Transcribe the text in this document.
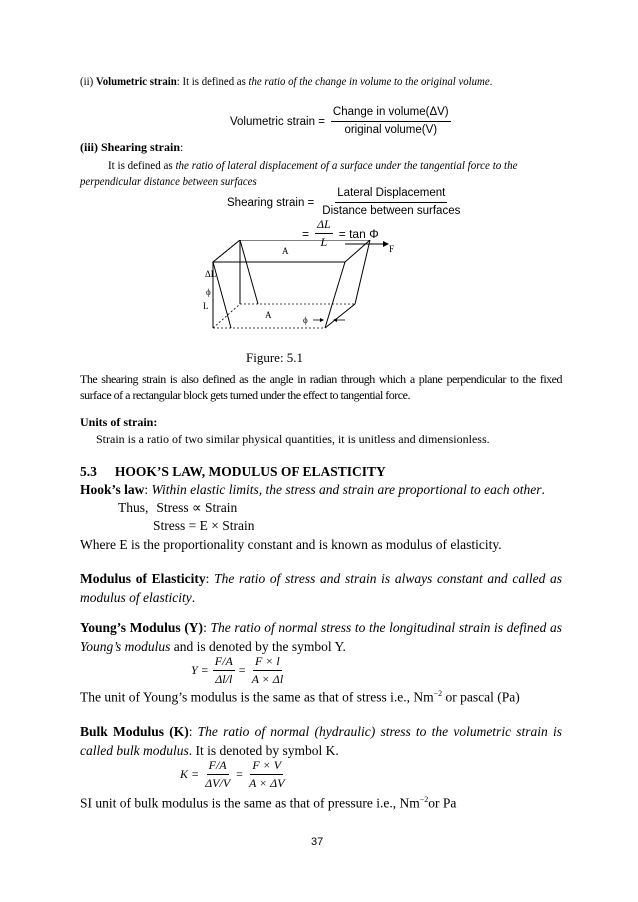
(ii) Volumetric strain: It is defined as the ratio of the change in volume to the original volume.
Volumetric strain = $\frac{\text{Change in volume(ΔV)}}{\text{original volume(V)}}$
(iii) Shearing strain:
It is defined as the ratio of lateral displacement of a surface under the tangential force to the
perpendicular distance between surfaces
Shearing strain = $\frac{\text{Lateral Displacement}}{\text{Distance between surfaces}}$
= $\frac{\Delta L}{L} = \tan \Phi$
ΔL
ϕ
L
A
A
F
ϕ
Figure: 5.1
The shearing strain is also defined as the angle in radian through which a plane perpendicular to the fixed surface of a rectangular block gets turned under the effect to tangential force.
Units of strain:
Strain is a ratio of two similar physical quantities, it is unitless and dimensionless.
5.3 HOOK’S LAW, MODULUS OF ELASTICITY
Hook’s law: Within elastic limits, the stress and strain are proportional to each other.
Thus, Stress ∝ Strain
Stress = E × Strain
Where E is the proportionality constant and is known as modulus of elasticity.
Modulus of Elasticity: The ratio of stress and strain is always constant and called as modulus of elasticity.
Young’s Modulus (Y): The ratio of normal stress to the longitudinal strain is defined as Young’s modulus and is denoted by the symbol Y.
$Y = \frac{F/A}{\Delta l/l} = \frac{F \times l}{A \times \Delta l}$
The unit of Young’s modulus is the same as that of stress i.e., $Nm^{-2}$ or pascal (Pa)
Bulk Modulus (K): The ratio of normal (hydraulic) stress to the volumetric strain is called bulk modulus. It is denoted by symbol K.
$K = \frac{F/A}{\Delta V/V} = \frac{F \times V}{A \times \Delta V}$
SI unit of bulk modulus is the same as that of pressure i.e., $Nm^{-2}or$ Pa
37
